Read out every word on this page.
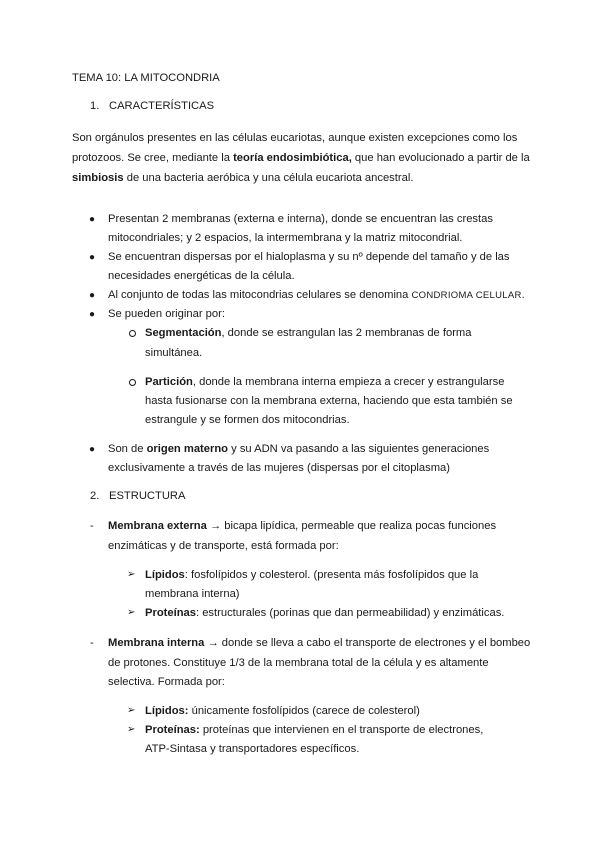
TEMA 10: LA MITOCONDRIA
1. CARACTERÍSTICAS
Son orgánulos presentes en las células eucariotas, aunque existen excepciones como los
protozoos. Se cree, mediante la teoría endosimbiótica, que han evolucionado a partir de la
simbiosis de una bacteria aeróbica y una célula eucariota ancestral.
● Presentan 2 membranas (externa e interna), donde se encuentran las crestas
mitocondriales; y 2 espacios, la intermembrana y la matriz mitocondrial.
● Se encuentran dispersas por el hialoplasma y su nº depende del tamaño y de las
necesidades energéticas de la célula.
● Al conjunto de todas las mitocondrias celulares se denomina CONDRIOMA CELULAR.
● Se pueden originar por:
Segmentación, donde se estrangulan las 2 membranas de forma
simultánea.
Partición, donde la membrana interna empieza a crecer y estrangularse
hasta fusionarse con la membrana externa, haciendo que esta también se
estrangule y se formen dos mitocondrias.
● Son de origen materno y su ADN va pasando a las siguientes generaciones
exclusivamente a través de las mujeres (dispersas por el citoplasma)
2. ESTRUCTURA
- Membrana externa → bicapa lipídica, permeable que realiza pocas funciones
enzimáticas y de transporte, está formada por:
➢ Lípidos: fosfolípidos y colesterol. (presenta más fosfolípidos que la
membrana interna)
➢ Proteínas: estructurales (porinas que dan permeabilidad) y enzimáticas.
- Membrana interna → donde se lleva a cabo el transporte de electrones y el bombeo
de protones. Constituye 1/3 de la membrana total de la célula y es altamente
selectiva. Formada por:
➢ Lípidos: únicamente fosfolípidos (carece de colesterol)
➢ Proteínas: proteínas que intervienen en el transporte de electrones,
ATP-Sintasa y transportadores específicos.
